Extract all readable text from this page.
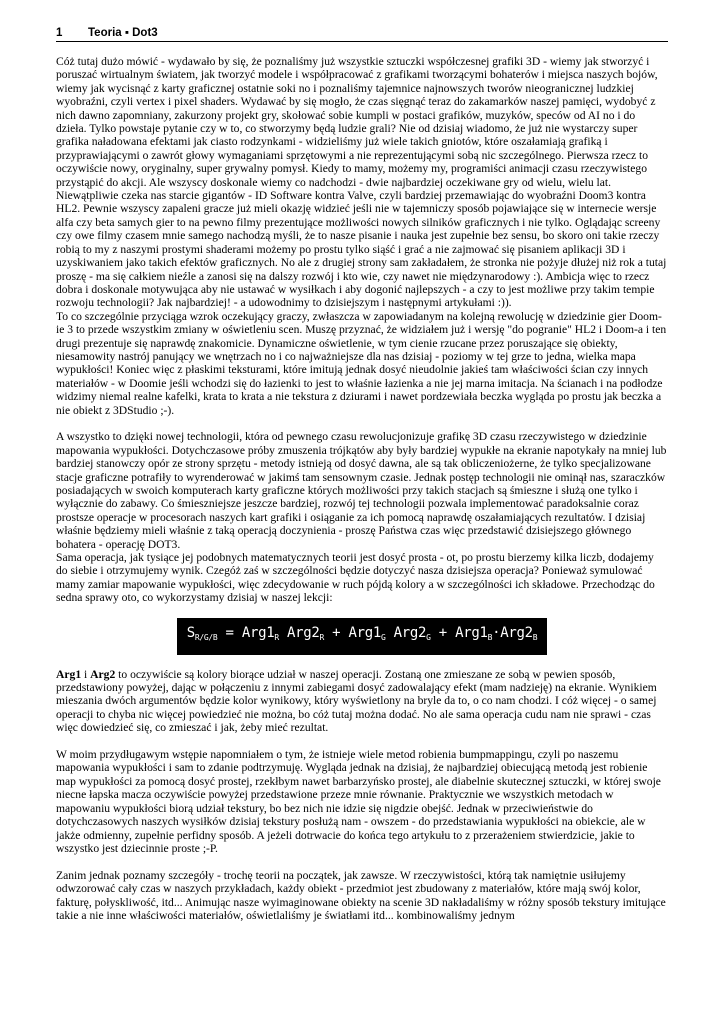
1 Teoria ▪ Dot3

Cóż tutaj dużo mówić - wydawało by się, że poznaliśmy już wszystkie sztuczki współczesnej grafiki 3D - wiemy jak stworzyć i poruszać wirtualnym światem, jak tworzyć modele i współpracować z grafikami tworzącymi bohaterów i miejsca naszych bojów, wiemy jak wycisnąć z karty graficznej ostatnie soki no i poznaliśmy tajemnice najnowszych tworów nieogranicznej ludzkiej wyobraźni, czyli vertex i pixel shaders. Wydawać by się mogło, że czas sięgnąć teraz do zakamarków naszej pamięci, wydobyć z nich dawno zapomniany, zakurzony projekt gry, skołować sobie kumpli w postaci grafików, muzyków, speców od AI no i do dzieła. Tylko powstaje pytanie czy w to, co stworzymy będą ludzie grali? Nie od dzisiaj wiadomo, że już nie wystarczy super grafika naładowana efektami jak ciasto rodzynkami - widzieliśmy już wiele takich gniotów, które oszałamiają grafiką i przyprawiającymi o zawrót głowy wymaganiami sprzętowymi a nie reprezentującymi sobą nic szczególnego. Pierwsza rzecz to oczywiście nowy, oryginalny, super grywalny pomysł. Kiedy to mamy, możemy my, programiści animacji czasu rzeczywistego przystąpić do akcji. Ale wszyscy doskonale wiemy co nadchodzi - dwie najbardziej oczekiwane gry od wielu, wielu lat. Niewątpliwie czeka nas starcie gigantów - ID Software kontra Valve, czyli bardziej przemawiając do wyobraźni Doom3 kontra HL2. Pewnie wszyscy zapaleni gracze już mieli okazję widzieć jeśli nie w tajemniczy sposób pojawiające się w internecie wersje alfa czy beta samych gier to na pewno filmy prezentujące możliwości nowych silników graficznych i nie tylko. Oglądając screeny czy owe filmy czasem mnie samego nachodzą myśli, że to nasze pisanie i nauka jest zupełnie bez sensu, bo skoro oni takie rzeczy robią to my z naszymi prostymi shaderami możemy po prostu tylko siąść i grać a nie zajmować się pisaniem aplikacji 3D i uzyskiwaniem jako takich efektów graficznych. No ale z drugiej strony sam zakładałem, że stronka nie pożyje dłużej niż rok a tutaj proszę - ma się całkiem nieźle a zanosi się na dalszy rozwój i kto wie, czy nawet nie międzynarodowy :). Ambicja więc to rzecz dobra i doskonale motywująca aby nie ustawać w wysiłkach i aby dogonić najlepszych - a czy to jest możliwe przy takim tempie rozwoju technologii? Jak najbardziej! - a udowodnimy to dzisiejszym i następnymi artykułami :)).

To co szczególnie przyciąga wzrok oczekujący graczy, zwłaszcza w zapowiadanym na kolejną rewolucję w dziedzinie gier Doom-ie 3 to przede wszystkim zmiany w oświetleniu scen. Muszę przyznać, że widziałem już i wersję "do pogranie" HL2 i Doom-a i ten drugi prezentuje się naprawdę znakomicie. Dynamiczne oświetlenie, w tym cienie rzucane przez poruszające się obiekty, niesamowity nastrój panujący we wnętrzach no i co najważniejsze dla nas dzisiaj - poziomy w tej grze to jedna, wielka mapa wypukłości! Koniec więc z płaskimi teksturami, które imitują jednak dosyć nieudolnie jakieś tam właściwości ścian czy innych materiałów - w Doomie jeśli wchodzi się do łazienki to jest to właśnie łazienka a nie jej marna imitacja. Na ścianach i na podłodze widzimy niemal realne kafelki, krata to krata a nie tekstura z dziurami i nawet pordzewiała beczka wygląda po prostu jak beczka a nie obiekt z 3DStudio ;-).

A wszystko to dzięki nowej technologii, która od pewnego czasu rewolucjonizuje grafikę 3D czasu rzeczywistego w dziedzinie mapowania wypukłości. Dotychczasowe próby zmuszenia trójkątów aby były bardziej wypukłe na ekranie napotykały na mniej lub bardziej stanowczy opór ze strony sprzętu - metody istnieją od dosyć dawna, ale są tak obliczeniożerne, że tylko specjalizowane stacje graficzne potrafiły to wyrenderować w jakimś tam sensownym czasie. Jednak postęp technologii nie ominął nas, szaraczków posiadających w swoich komputerach karty graficzne których możliwości przy takich stacjach są śmieszne i służą one tylko i wyłącznie do zabawy. Co śmieszniejsze jeszcze bardziej, rozwój tej technologii pozwala implementować paradoksalnie coraz prostsze operacje w procesorach naszych kart grafiki i osiąganie za ich pomocą naprawdę oszałamiających rezultatów. I dzisiaj właśnie będziemy mieli właśnie z taką operacją doczynienia - proszę Państwa czas więc przedstawić dzisiejszego głównego bohatera - operację DOT3.

Sama operacja, jak tysiące jej podobnych matematycznych teorii jest dosyć prosta - ot, po prostu bierzemy kilka liczb, dodajemy do siebie i otrzymujemy wynik. Czegóż zaś w szczególności będzie dotyczyć nasza dzisiejsza operacja? Ponieważ symulować mamy zamiar mapowanie wypukłości, więc zdecydowanie w ruch pójdą kolory a w szczególności ich składowe. Przechodząc do sedna sprawy oto, co wykorzystamy dzisiaj w naszej lekcji:

$S_{R/G/B} = Arg1_R$ $Arg2_R + Arg1_G$ $Arg2_G + Arg1_B\cdot Arg2_B$

Arg1 i Arg2 to oczywiście są kolory biorące udział w naszej operacji. Zostaną one zmieszane ze sobą w pewien sposób, przedstawiony powyżej, dając w połączeniu z innymi zabiegami dosyć zadowalający efekt (mam nadzieję) na ekranie. Wynikiem mieszania dwóch argumentów będzie kolor wynikowy, który wyświetlony na bryle da to, o co nam chodzi. I cóż więcej - o samej operacji to chyba nic więcej powiedzieć nie można, bo cóż tutaj można dodać. No ale sama operacja cudu nam nie sprawi - czas więc dowiedzieć się, co zmieszać i jak, żeby mieć rezultat.

W moim przydługawym wstępie napomniałem o tym, że istnieje wiele metod robienia bumpmappingu, czyli po naszemu mapowania wypukłości i sam to zdanie podtrzymuję. Wygląda jednak na dzisiaj, że najbardziej obiecującą metodą jest robienie map wypukłości za pomocą dosyć prostej, rzekłbym nawet barbarzyńsko prostej, ale diabelnie skutecznej sztuczki, w której swoje niecne łapska macza oczywiście powyżej przedstawione przeze mnie równanie. Praktycznie we wszystkich metodach w mapowaniu wypukłości biorą udział tekstury, bo bez nich nie idzie się nigdzie obejść. Jednak w przeciwieństwie do dotychczasowych naszych wysiłków dzisiaj tekstury posłużą nam - owszem - do przedstawiania wypukłości na obiekcie, ale w jakże odmienny, zupełnie perfidny sposób. A jeżeli dotrwacie do końca tego artykułu to z przerażeniem stwierdzicie, jakie to wszystko jest dziecinnie proste ;-P.

Zanim jednak poznamy szczegóły - trochę teorii na początek, jak zawsze. W rzeczywistości, którą tak namiętnie usiłujemy odwzorować cały czas w naszych przykładach, każdy obiekt - przedmiot jest zbudowany z materiałów, które mają swój kolor, fakturę, połyskliwość, itd... Animując nasze wyimaginowane obiekty na scenie 3D nakładaliśmy w różny sposób tekstury imitujące takie a nie inne właściwości materiałów, oświetlaliśmy je światłami itd... kombinowaliśmy jednym
